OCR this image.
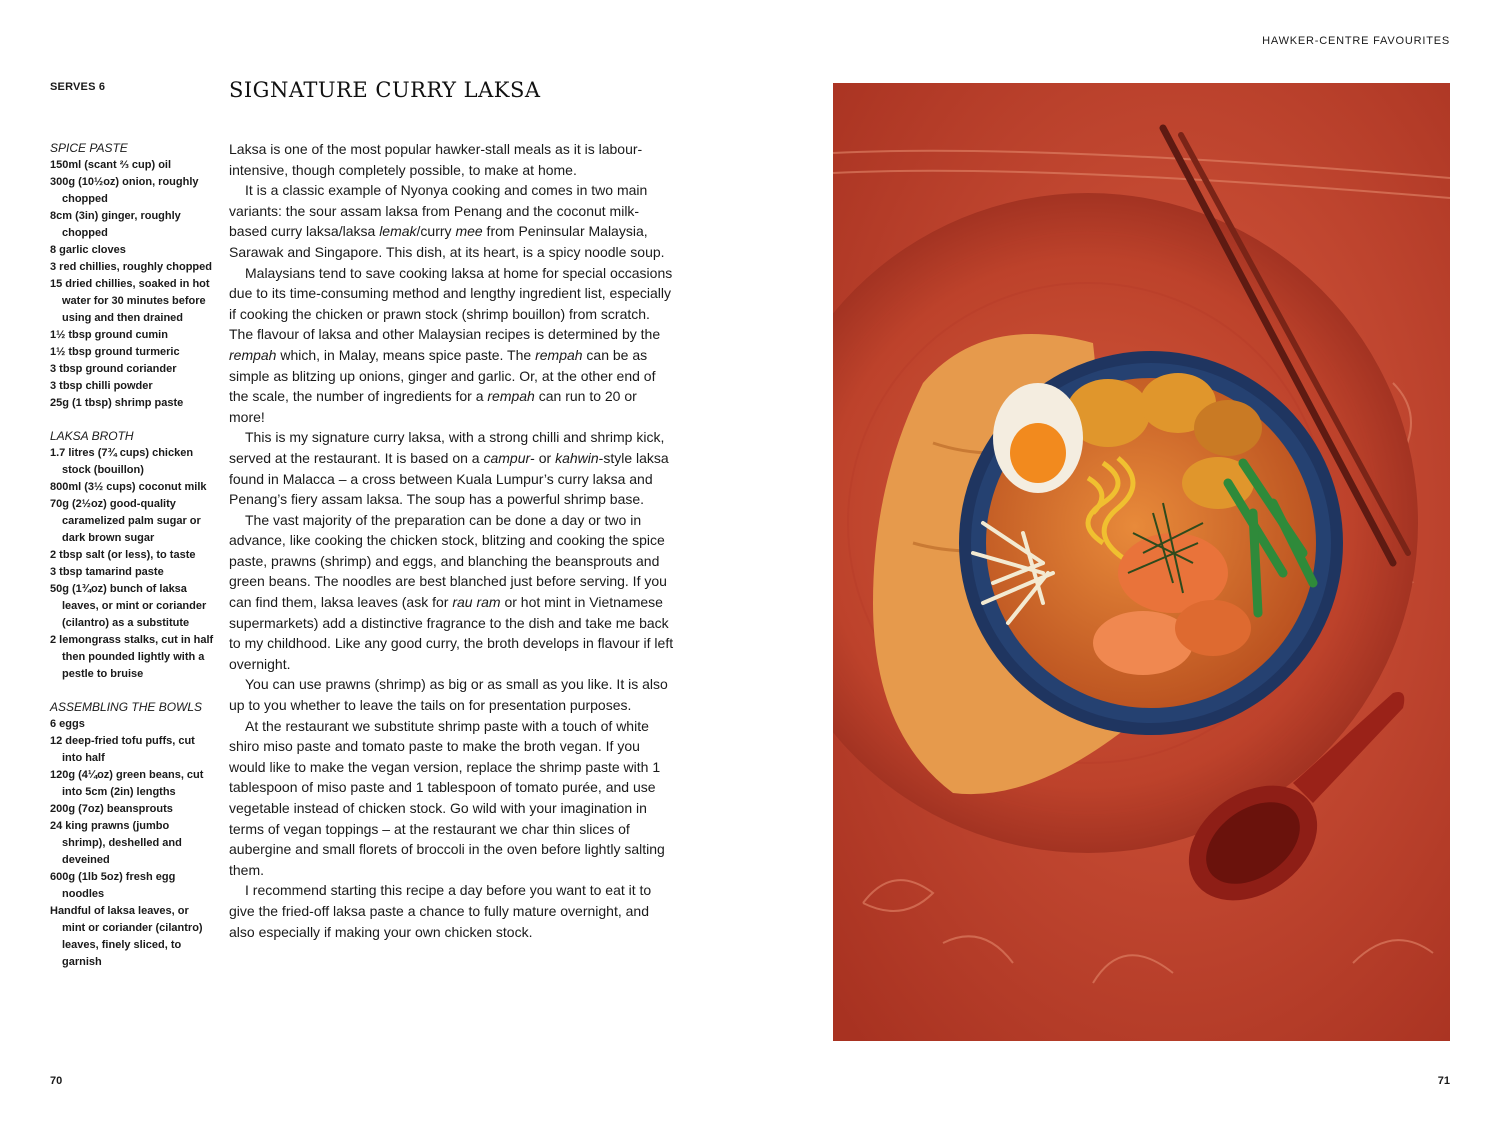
SERVES 6

SPICE PASTE

150ml (scant ⅔ cup) oil
300g (10½oz) onion, roughly chopped
8cm (3in) ginger, roughly chopped
8 garlic cloves
3 red chillies, roughly chopped
15 dried chillies, soaked in hot water for 30 minutes before using and then drained
1½ tbsp ground cumin
1½ tbsp ground turmeric
3 tbsp ground coriander
3 tbsp chilli powder
25g (1 tbsp) shrimp paste

LAKSA BROTH

1.7 litres (7¾ cups) chicken stock (bouillon)
800ml (3½ cups) coconut milk
70g (2½oz) good-quality caramelized palm sugar or dark brown sugar
2 tbsp salt (or less), to taste
3 tbsp tamarind paste
50g (1¾oz) bunch of laksa leaves, or mint or coriander (cilantro) as a substitute
2 lemongrass stalks, cut in half then pounded lightly with a pestle to bruise

ASSEMBLING THE BOWLS

6 eggs
12 deep-fried tofu puffs, cut into half
120g (4¼oz) green beans, cut into 5cm (2in) lengths
200g (7oz) beansprouts
24 king prawns (jumbo shrimp), deshelled and deveined
600g (1lb 5oz) fresh egg noodles
Handful of laksa leaves, or mint or coriander (cilantro) leaves, finely sliced, to garnish
SIGNATURE CURRY LAKSA

Laksa is one of the most popular hawker-stall meals as it is labour-intensive, though completely possible, to make at home.

It is a classic example of Nyonya cooking and comes in two main variants: the sour assam laksa from Penang and the coconut milk-based curry laksa/laksa lemak/curry mee from Peninsular Malaysia, Sarawak and Singapore. This dish, at its heart, is a spicy noodle soup.

Malaysians tend to save cooking laksa at home for special occasions due to its time-consuming method and lengthy ingredient list, especially if cooking the chicken or prawn stock (shrimp bouillon) from scratch. The flavour of laksa and other Malaysian recipes is determined by the rempah which, in Malay, means spice paste. The rempah can be as simple as blitzing up onions, ginger and garlic. Or, at the other end of the scale, the number of ingredients for a rempah can run to 20 or more!

This is my signature curry laksa, with a strong chilli and shrimp kick, served at the restaurant. It is based on a campur- or kahwin-style laksa found in Malacca – a cross between Kuala Lumpur’s curry laksa and Penang’s fiery assam laksa. The soup has a powerful shrimp base.

The vast majority of the preparation can be done a day or two in advance, like cooking the chicken stock, blitzing and cooking the spice paste, prawns (shrimp) and eggs, and blanching the beansprouts and green beans. The noodles are best blanched just before serving. If you can find them, laksa leaves (ask for rau ram or hot mint in Vietnamese supermarkets) add a distinctive fragrance to the dish and take me back to my childhood. Like any good curry, the broth develops in flavour if left overnight.

You can use prawns (shrimp) as big or as small as you like. It is also up to you whether to leave the tails on for presentation purposes.

At the restaurant we substitute shrimp paste with a touch of white shiro miso paste and tomato paste to make the broth vegan. If you would like to make the vegan version, replace the shrimp paste with 1 tablespoon of miso paste and 1 tablespoon of tomato purée, and use vegetable instead of chicken stock. Go wild with your imagination in terms of vegan toppings – at the restaurant we char thin slices of aubergine and small florets of broccoli in the oven before lightly salting them.

I recommend starting this recipe a day before you want to eat it to give the fried-off laksa paste a chance to fully mature overnight, and also especially if making your own chicken stock.

70
HAWKER-CENTRE FAVOURITES
71
